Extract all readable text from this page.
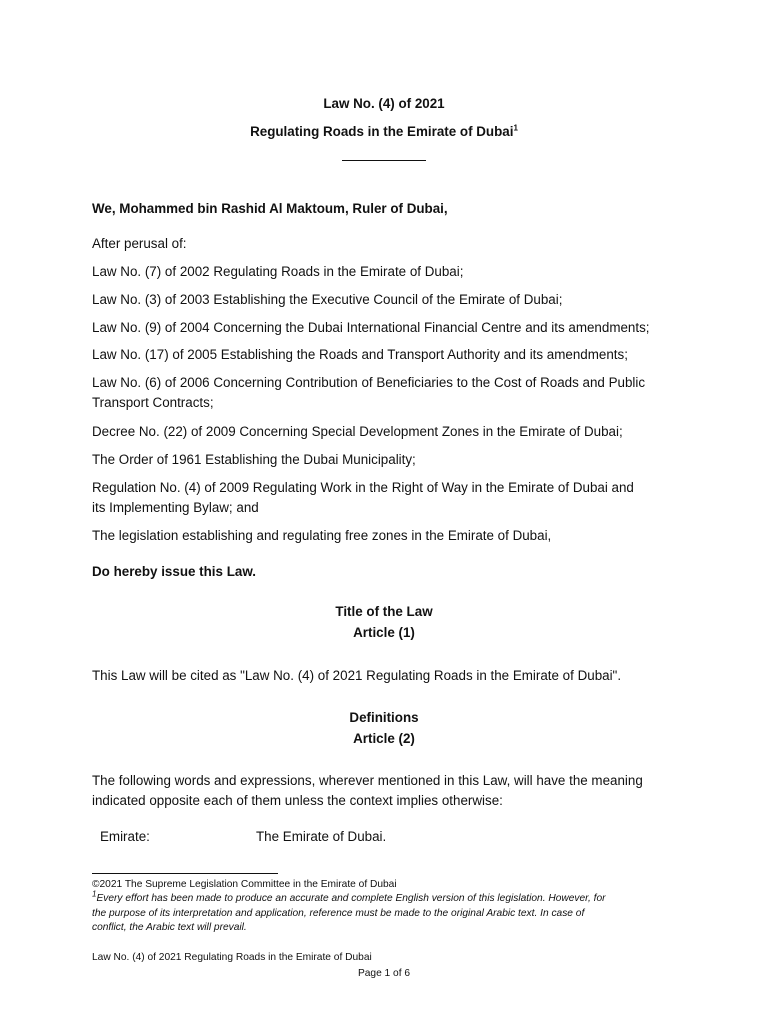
Law No. (4) of 2021
Regulating Roads in the Emirate of Dubai$^1$
We, Mohammed bin Rashid Al Maktoum, Ruler of Dubai,
After perusal of:
Law No. (7) of 2002 Regulating Roads in the Emirate of Dubai;
Law No. (3) of 2003 Establishing the Executive Council of the Emirate of Dubai;
Law No. (9) of 2004 Concerning the Dubai International Financial Centre and its amendments;
Law No. (17) of 2005 Establishing the Roads and Transport Authority and its amendments;
Law No. (6) of 2006 Concerning Contribution of Beneficiaries to the Cost of Roads and Public
Transport Contracts;
Decree No. (22) of 2009 Concerning Special Development Zones in the Emirate of Dubai;
The Order of 1961 Establishing the Dubai Municipality;
Regulation No. (4) of 2009 Regulating Work in the Right of Way in the Emirate of Dubai and
its Implementing Bylaw; and
The legislation establishing and regulating free zones in the Emirate of Dubai,
Do hereby issue this Law.
Title of the Law
Article (1)
This Law will be cited as "Law No. (4) of 2021 Regulating Roads in the Emirate of Dubai".
Definitions
Article (2)
The following words and expressions, wherever mentioned in this Law, will have the meaning
indicated opposite each of them unless the context implies otherwise:
Emirate:	The Emirate of Dubai.
©2021 The Supreme Legislation Committee in the Emirate of Dubai
$^1$Every effort has been made to produce an accurate and complete English version of this legislation. However, for
the purpose of its interpretation and application, reference must be made to the original Arabic text. In case of
conflict, the Arabic text will prevail.
Law No. (4) of 2021 Regulating Roads in the Emirate of Dubai
Page 1 of 6
